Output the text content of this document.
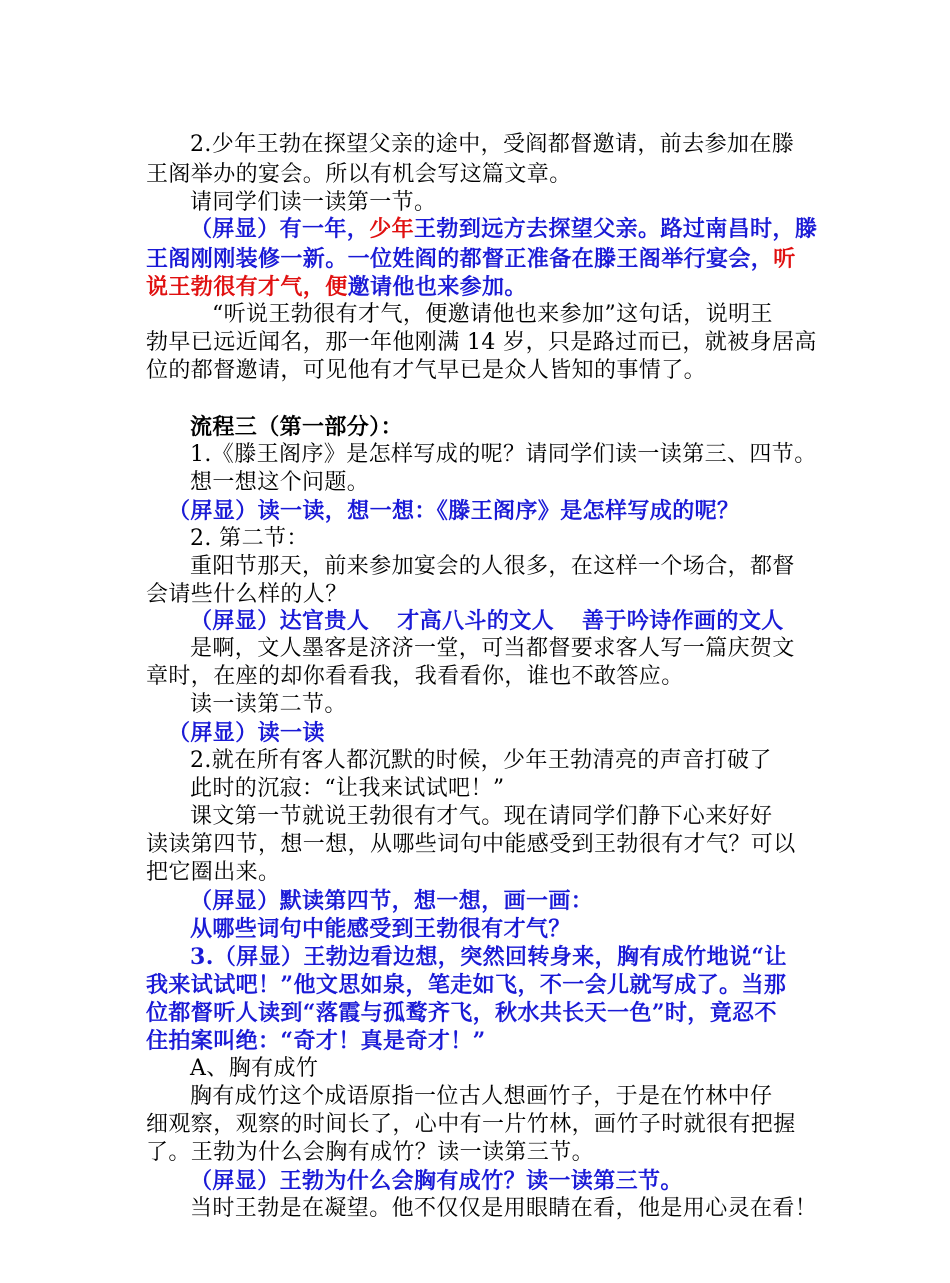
2.少年王勃在探望父亲的途中，受阎都督邀请，前去参加在滕

王阁举办的宴会。所以有机会写这篇文章。

请同学们读一读第一节。

（屏显）有一年，少年王勃到远方去探望父亲。路过南昌时，滕

王阁刚刚装修一新。一位姓阎的都督正准备在滕王阁举行宴会，听

说王勃很有才气，便邀请他也来参加。

“听说王勃很有才气，便邀请他也来参加”这句话，说明王

勃早已远近闻名，那一年他刚满 14 岁，只是路过而已，就被身居高

位的都督邀请，可见他有才气早已是众人皆知的事情了。

流程三（第一部分）：

1.《滕王阁序》是怎样写成的呢？请同学们读一读第三、四节。

想一想这个问题。

（屏显）读一读，想一想：《滕王阁序》是怎样写成的呢？

2. 第二节：

重阳节那天，前来参加宴会的人很多，在这样一个场合，都督

会请些什么样的人？

（屏显）达官贵人 才高八斗的文人 善于吟诗作画的文人

是啊，文人墨客是济济一堂，可当都督要求客人写一篇庆贺文

章时，在座的却你看看我，我看看你，谁也不敢答应。

读一读第二节。

（屏显）读一读

2.就在所有客人都沉默的时候，少年王勃清亮的声音打破了

此时的沉寂：“让我来试试吧！”

课文第一节就说王勃很有才气。现在请同学们静下心来好好

读读第四节，想一想，从哪些词句中能感受到王勃很有才气？可以

把它圈出来。

（屏显）默读第四节，想一想，画一画：

从哪些词句中能感受到王勃很有才气？

3.（屏显）王勃边看边想，突然回转身来，胸有成竹地说“让

我来试试吧！”他文思如泉，笔走如飞，不一会儿就写成了。当那

位都督听人读到“落霞与孤鹜齐飞，秋水共长天一色”时，竟忍不

住拍案叫绝：“奇才！真是奇才！”

A、胸有成竹

胸有成竹这个成语原指一位古人想画竹子，于是在竹林中仔

细观察，观察的时间长了，心中有一片竹林，画竹子时就很有把握

了。王勃为什么会胸有成竹？读一读第三节。

（屏显）王勃为什么会胸有成竹？读一读第三节。

当时王勃是在凝望。他不仅仅是用眼睛在看，他是用心灵在看！
